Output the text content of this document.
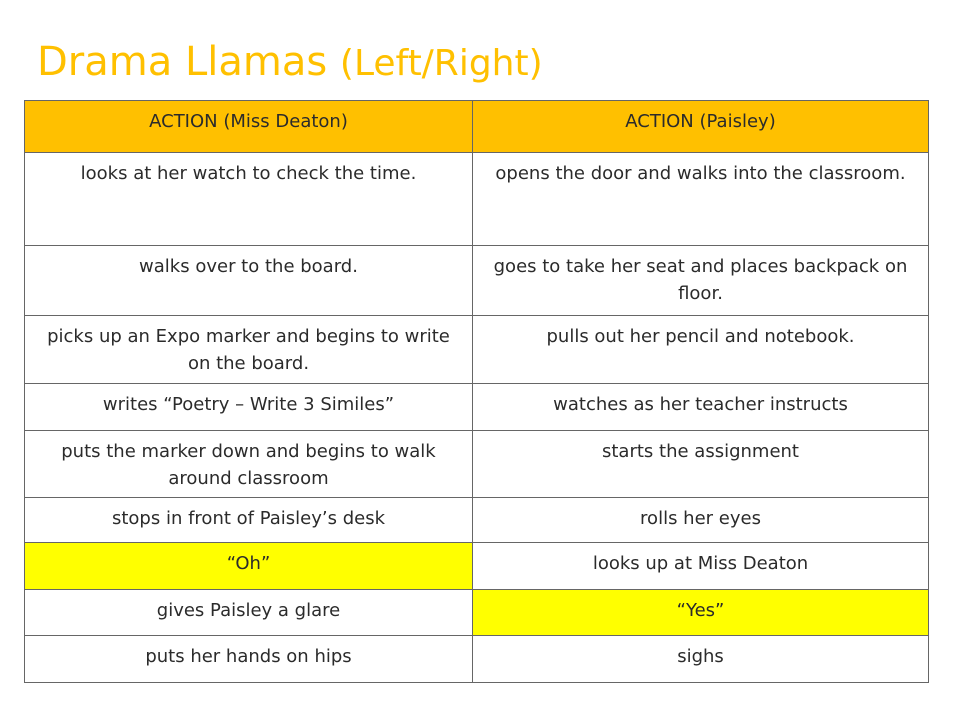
Drama Llamas (Left/Right)
ACTION (Miss Deaton)	ACTION (Paisley)
looks at her watch to check the time.	opens the door and walks into the classroom.
walks over to the board.	goes to take her seat and places backpack on floor.
picks up an Expo marker and begins to write on the board.	pulls out her pencil and notebook.
writes “Poetry – Write 3 Similes”	watches as her teacher instructs
puts the marker down and begins to walk around classroom	starts the assignment
stops in front of Paisley’s desk	rolls her eyes
“Oh”	looks up at Miss Deaton
gives Paisley a glare	“Yes”
puts her hands on hips	sighs
